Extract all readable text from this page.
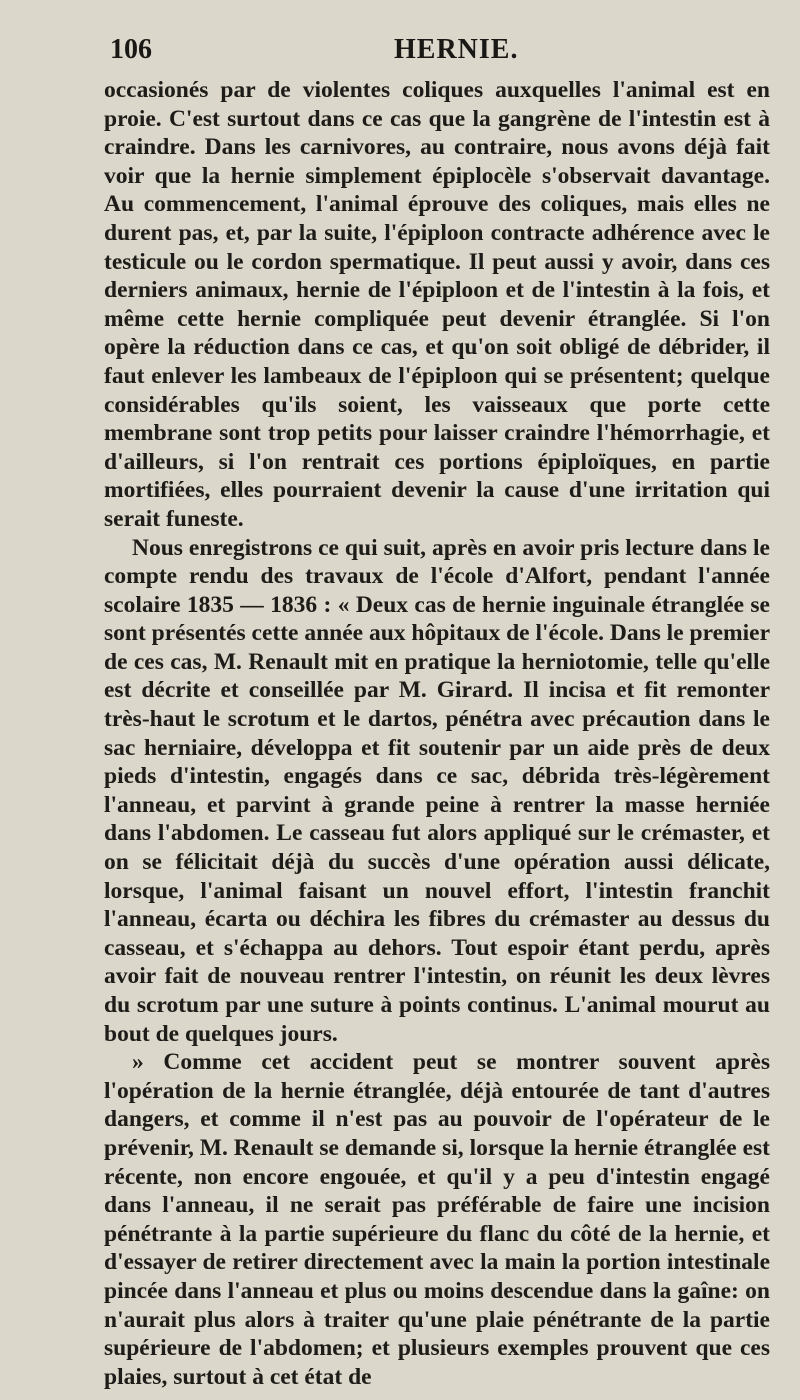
106	HERNIE.

occasionés par de violentes coliques auxquelles l'animal est en proie. C'est surtout dans ce cas que la gangrène de l'intestin est à craindre. Dans les carnivores, au contraire, nous avons déjà fait voir que la hernie simplement épiplocèle s'observait davantage. Au commencement, l'animal éprouve des coliques, mais elles ne durent pas, et, par la suite, l'épiploon contracte adhérence avec le testicule ou le cordon spermatique. Il peut aussi y avoir, dans ces derniers animaux, hernie de l'épiploon et de l'intestin à la fois, et même cette hernie compliquée peut devenir étranglée. Si l'on opère la réduction dans ce cas, et qu'on soit obligé de débrider, il faut enlever les lambeaux de l'épiploon qui se présentent; quelque considérables qu'ils soient, les vaisseaux que porte cette membrane sont trop petits pour laisser craindre l'hémorrhagie, et d'ailleurs, si l'on rentrait ces portions épiploïques, en partie mortifiées, elles pourraient devenir la cause d'une irritation qui serait funeste.

Nous enregistrons ce qui suit, après en avoir pris lecture dans le compte rendu des travaux de l'école d'Alfort, pendant l'année scolaire 1835 — 1836 : « Deux cas de hernie inguinale étranglée se sont présentés cette année aux hôpitaux de l'école. Dans le premier de ces cas, M. Renault mit en pratique la herniotomie, telle qu'elle est décrite et conseillée par M. Girard. Il incisa et fit remonter très-haut le scrotum et le dartos, pénétra avec précaution dans le sac herniaire, développa et fit soutenir par un aide près de deux pieds d'intestin, engagés dans ce sac, débrida très-légèrement l'anneau, et parvint à grande peine à rentrer la masse herniée dans l'abdomen. Le casseau fut alors appliqué sur le crémaster, et on se félicitait déjà du succès d'une opération aussi délicate, lorsque, l'animal faisant un nouvel effort, l'intestin franchit l'anneau, écarta ou déchira les fibres du crémaster au dessus du casseau, et s'échappa au dehors. Tout espoir étant perdu, après avoir fait de nouveau rentrer l'intestin, on réunit les deux lèvres du scrotum par une suture à points continus. L'animal mourut au bout de quelques jours.

» Comme cet accident peut se montrer souvent après l'opération de la hernie étranglée, déjà entourée de tant d'autres dangers, et comme il n'est pas au pouvoir de l'opérateur de le prévenir, M. Renault se demande si, lorsque la hernie étranglée est récente, non encore engouée, et qu'il y a peu d'intestin engagé dans l'anneau, il ne serait pas préférable de faire une incision pénétrante à la partie supérieure du flanc du côté de la hernie, et d'essayer de retirer directement avec la main la portion intestinale pincée dans l'anneau et plus ou moins descendue dans la gaîne: on n'aurait plus alors à traiter qu'une plaie pénétrante de la partie supérieure de l'abdomen; et plusieurs exemples prouvent que ces plaies, surtout à cet état de
